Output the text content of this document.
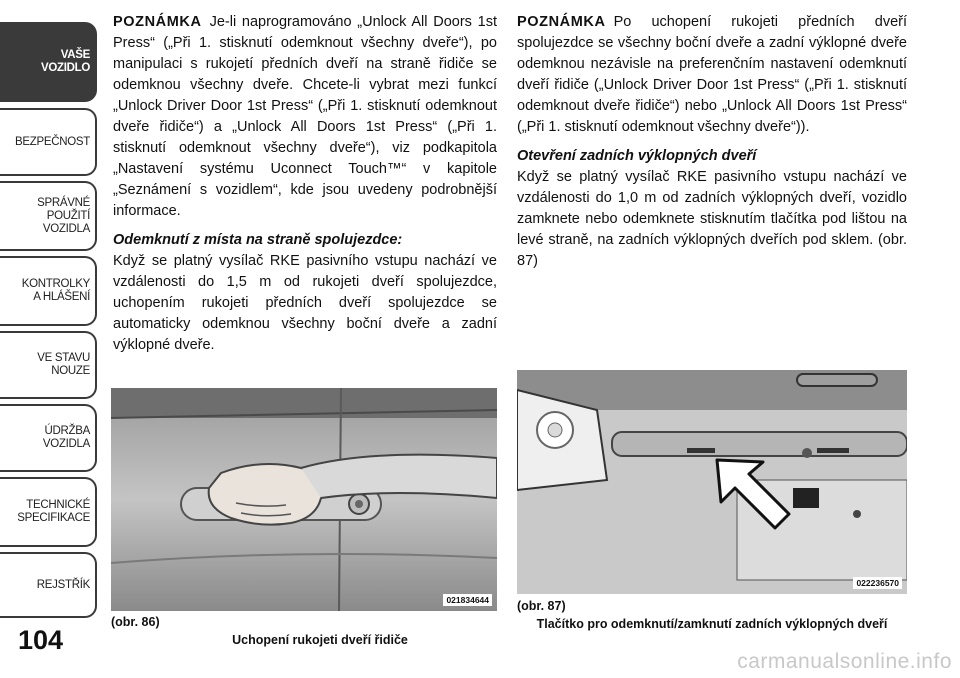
VAŠE
VOZIDLO
BEZPEČNOST
SPRÁVNÉ
POUŽITÍ
VOZIDLA
KONTROLKY
A HLÁŠENÍ
VE STAVU
NOUZE
ÚDRŽBA
VOZIDLA
TECHNICKÉ
SPECIFIKACE
REJSTŘÍK
104

POZNÁMKA Je-li naprogramováno „Unlock All Doors 1st Press“ („Při 1. stisknutí odemknout všechny dveře“), po manipulaci s rukojetí předních dveří na straně řidiče se odemknou všechny dveře. Chcete-li vybrat mezi funkcí „Unlock Driver Door 1st Press“ („Při 1. stisknutí odemknout dveře řidiče“) a „Unlock All Doors 1st Press“ („Při 1. stisknutí odemknout všechny dveře“), viz podkapitola „Nastavení systému Uconnect Touch™“ v kapitole „Seznámení s vozidlem“, kde jsou uvedeny podrobnější informace.

Odemknutí z místa na straně spolujezdce:

Když se platný vysílač RKE pasivního vstupu nachází ve vzdálenosti do 1,5 m od rukojeti dveří spolujezdce, uchopením rukojeti předních dveří spolujezdce se automaticky odemknou všechny boční dveře a zadní výklopné dveře.

POZNÁMKA Po uchopení rukojeti předních dveří spolujezdce se všechny boční dveře a zadní výklopné dveře odemknou nezávisle na preferenčním nastavení odemknutí dveří řidiče („Unlock Driver Door 1st Press“ („Při 1. stisknutí odemknout dveře řidiče“) nebo „Unlock All Doors 1st Press“ („Při 1. stisknutí odemknout všechny dveře“)).

Otevření zadních výklopných dveří

Když se platný vysílač RKE pasivního vstupu nachází ve vzdálenosti do 1,0 m od zadních výklopných dveří, vozidlo zamknete nebo odemknete stisknutím tlačítka pod lištou na levé straně, na zadních výklopných dveřích pod sklem. (obr. 87)

021834644
(obr. 86)
Uchopení rukojeti dveří řidiče
022236570
(obr. 87)
Tlačítko pro odemknutí/zamknutí zadních výklopných dveří
carmanualsonline.info
